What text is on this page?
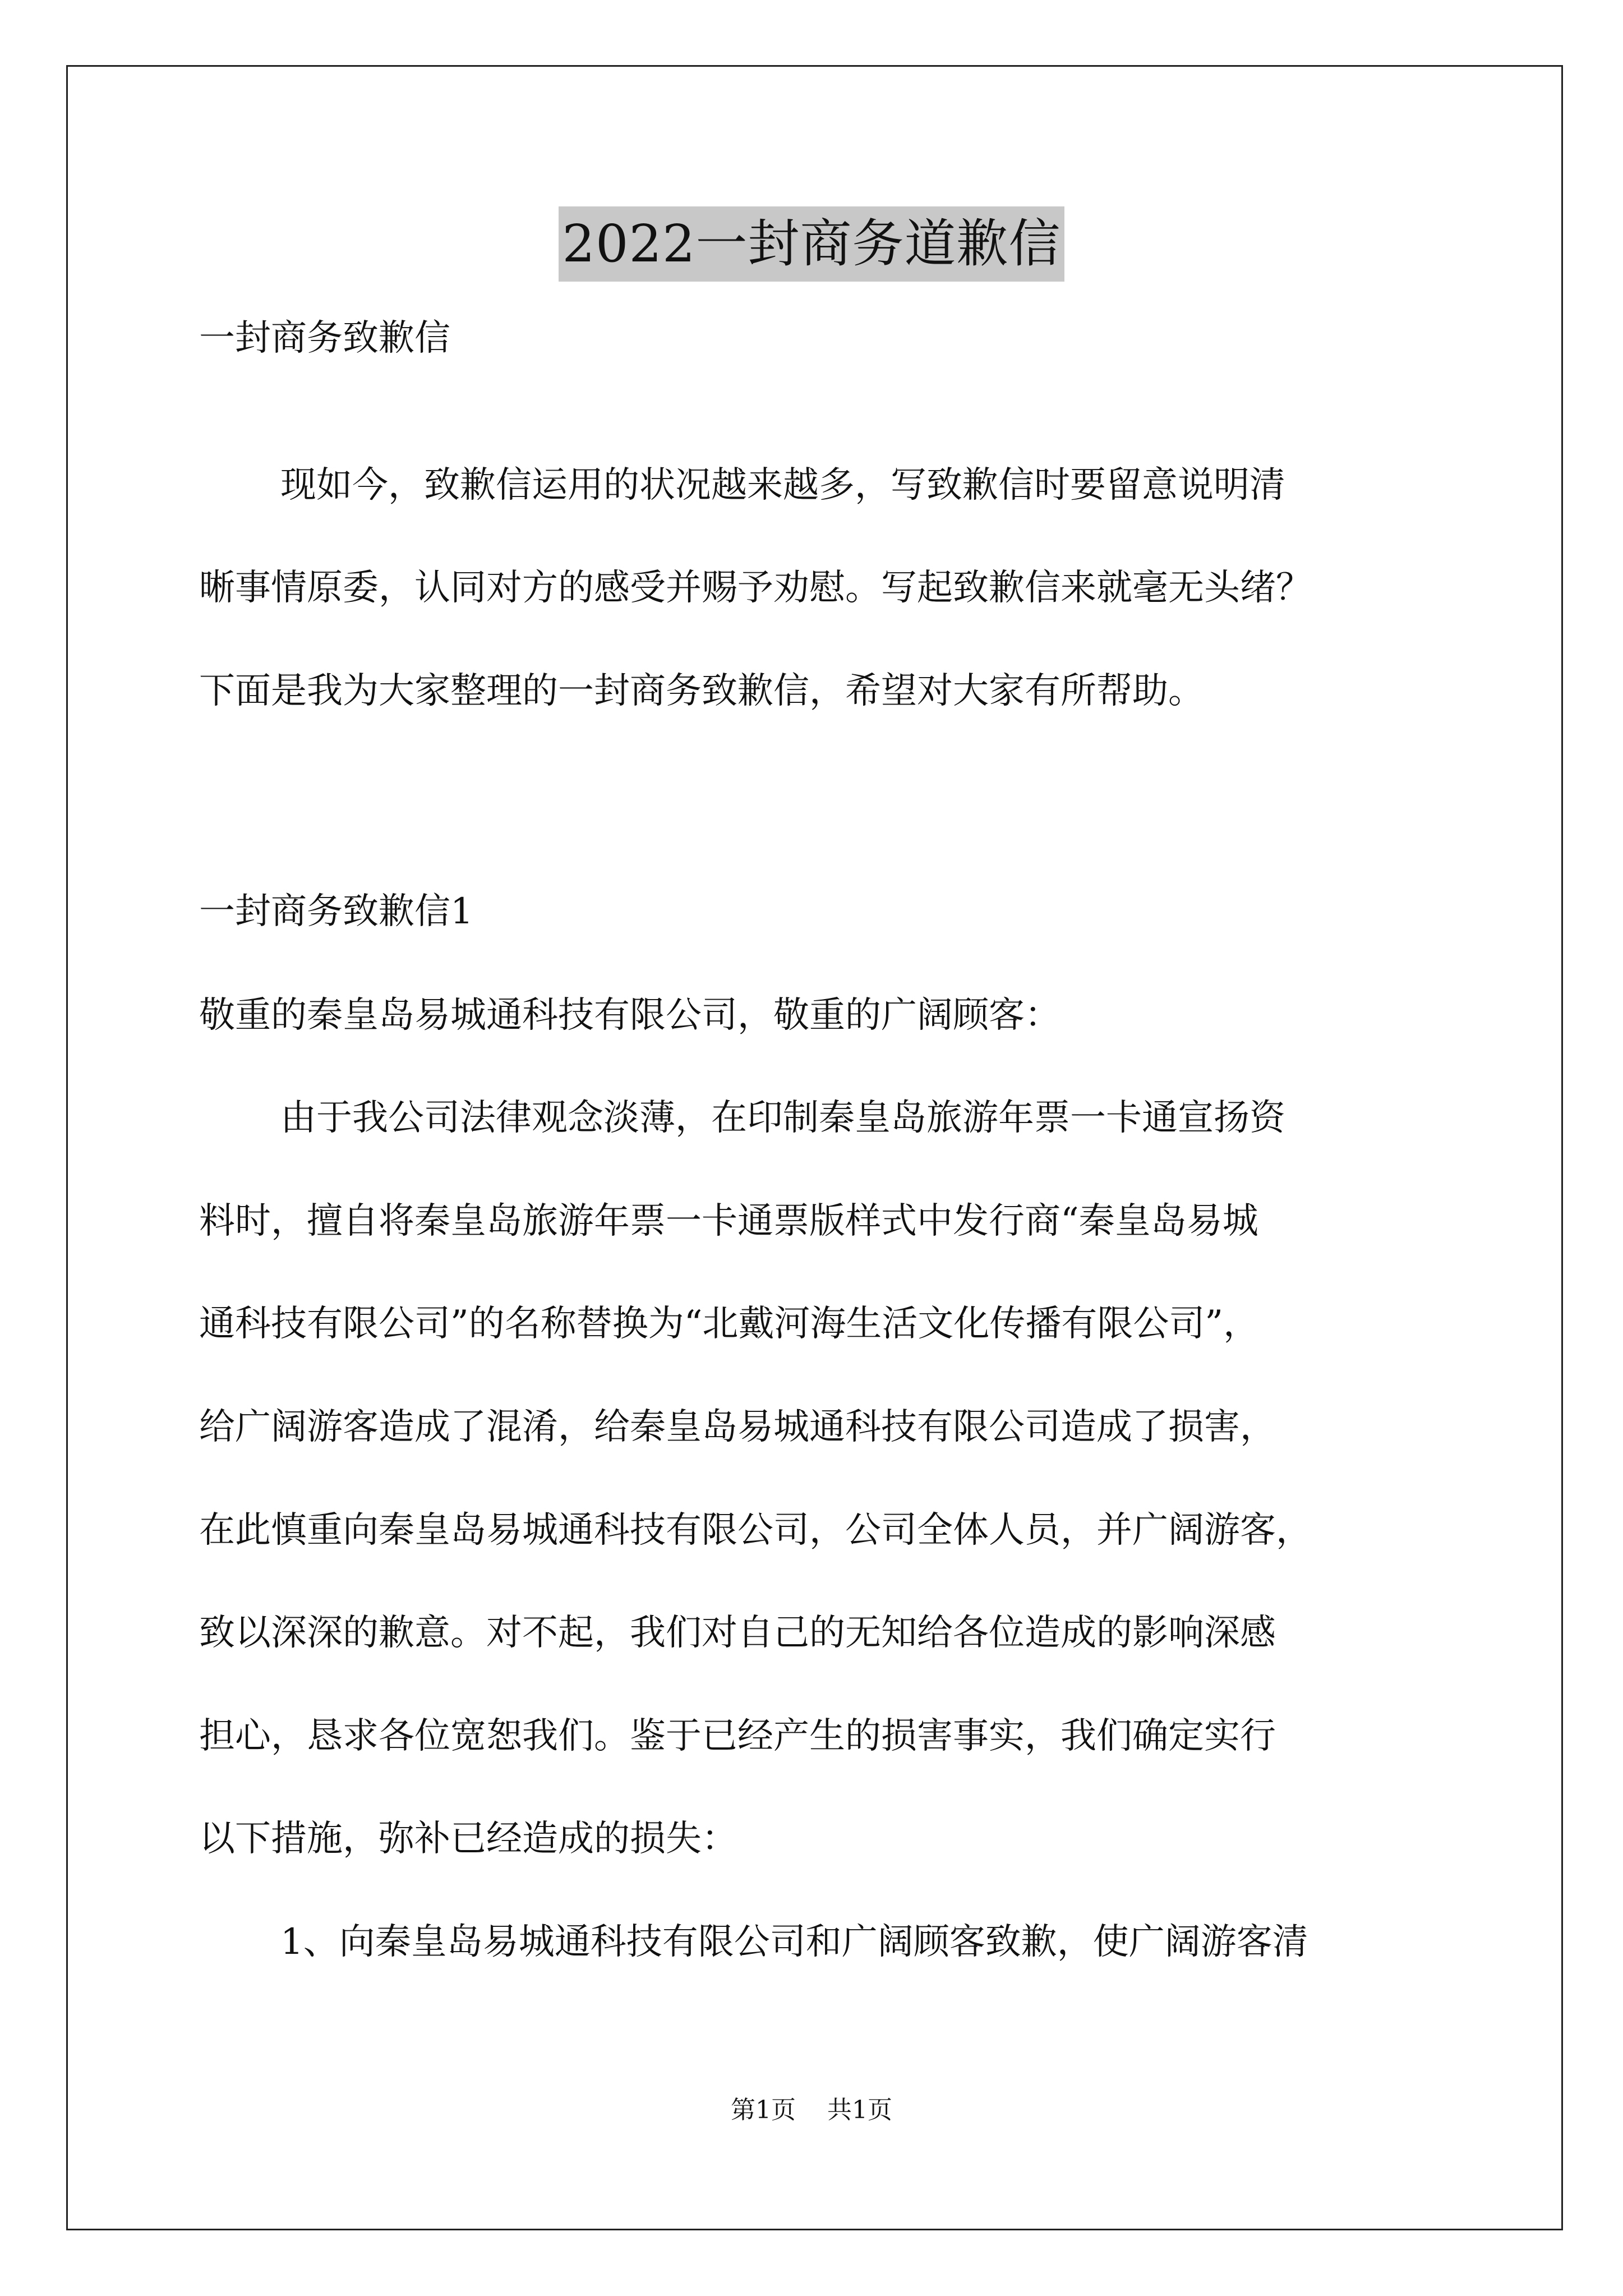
2022一封商务道歉信
一封商务致歉信
现如今，致歉信运用的状况越来越多，写致歉信时要留意说明清
晰事情原委，认同对方的感受并赐予劝慰。写起致歉信来就毫无头绪？
下面是我为大家整理的一封商务致歉信，希望对大家有所帮助。
一封商务致歉信1
敬重的秦皇岛易城通科技有限公司，敬重的广阔顾客：
由于我公司法律观念淡薄，在印制秦皇岛旅游年票一卡通宣扬资
料时，擅自将秦皇岛旅游年票一卡通票版样式中发行商“秦皇岛易城
通科技有限公司”的名称替换为“北戴河海生活文化传播有限公司”，
给广阔游客造成了混淆，给秦皇岛易城通科技有限公司造成了损害，
在此慎重向秦皇岛易城通科技有限公司，公司全体人员，并广阔游客，
致以深深的歉意。对不起，我们对自己的无知给各位造成的影响深感
担心，恳求各位宽恕我们。鉴于已经产生的损害事实，我们确定实行
以下措施，弥补已经造成的损失：
1、向秦皇岛易城通科技有限公司和广阔顾客致歉，使广阔游客清
第1页 共1页
